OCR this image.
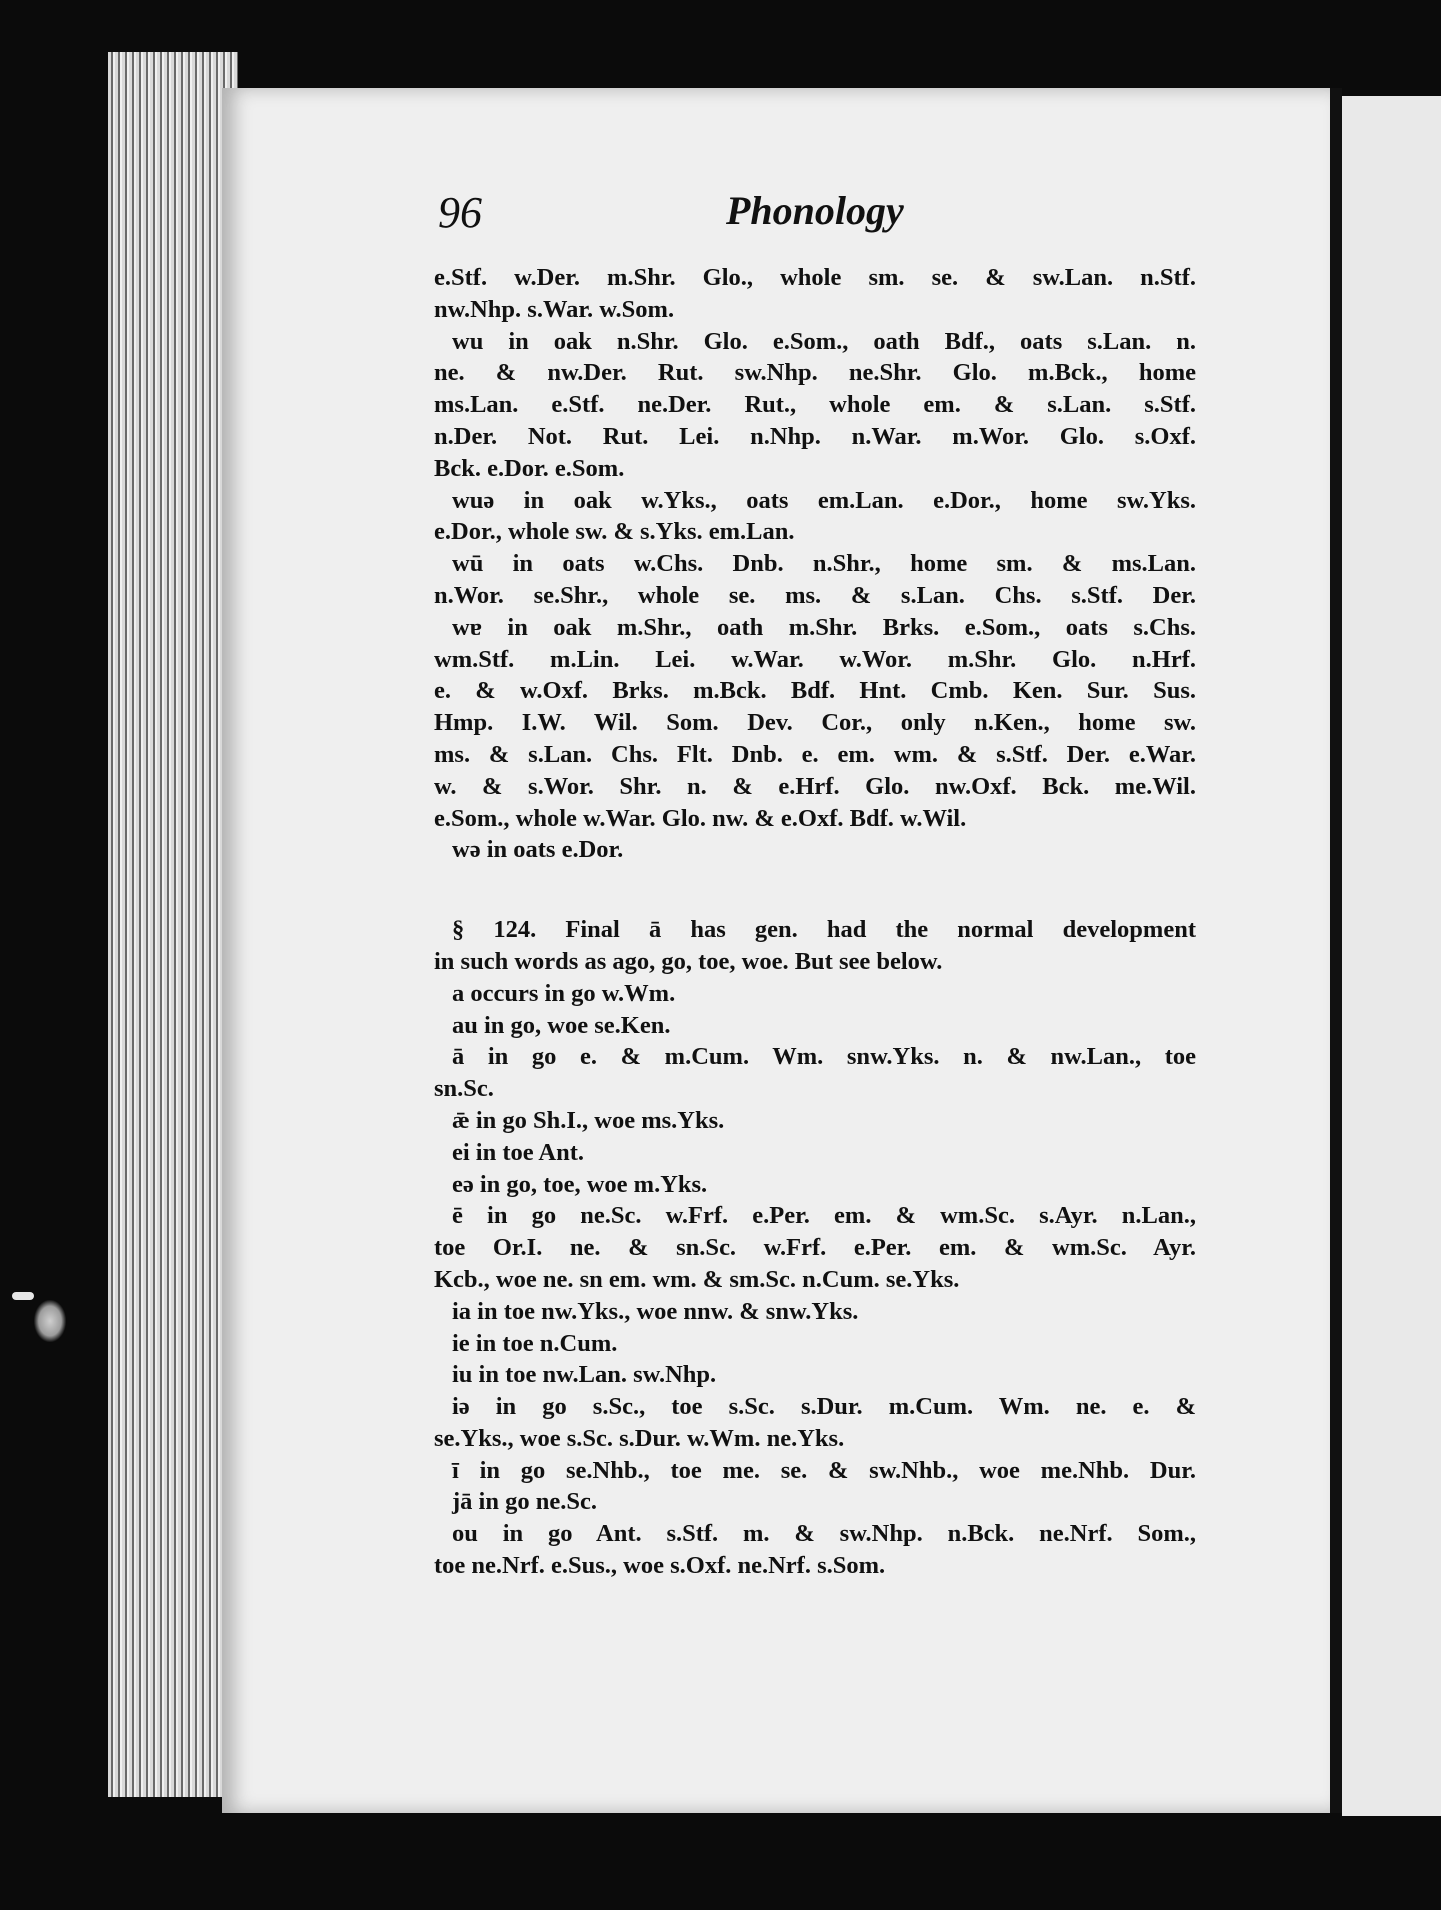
96	Phonology
e.Stf. w.Der. m.Shr. Glo., whole sm. se. & sw.Lan. n.Stf.
nw.Nhp. s.War. w.Som.
wu in oak n.Shr. Glo. e.Som., oath Bdf., oats s.Lan. n.
ne. & nw.Der. Rut. sw.Nhp. ne.Shr. Glo. m.Bck., home
ms.Lan. e.Stf. ne.Der. Rut., whole em. & s.Lan. s.Stf.
n.Der. Not. Rut. Lei. n.Nhp. n.War. m.Wor. Glo. s.Oxf.
Bck. e.Dor. e.Som.
wuə in oak w.Yks., oats em.Lan. e.Dor., home sw.Yks.
e.Dor., whole sw. & s.Yks. em.Lan.
wū in oats w.Chs. Dnb. n.Shr., home sm. & ms.Lan.
n.Wor. se.Shr., whole se. ms. & s.Lan. Chs. s.Stf. Der.
wɐ in oak m.Shr., oath m.Shr. Brks. e.Som., oats s.Chs.
wm.Stf. m.Lin. Lei. w.War. w.Wor. m.Shr. Glo. n.Hrf.
e. & w.Oxf. Brks. m.Bck. Bdf. Hnt. Cmb. Ken. Sur. Sus.
Hmp. I.W. Wil. Som. Dev. Cor., only n.Ken., home sw.
ms. & s.Lan. Chs. Flt. Dnb. e. em. wm. & s.Stf. Der. e.War.
w. & s.Wor. Shr. n. & e.Hrf. Glo. nw.Oxf. Bck. me.Wil.
e.Som., whole w.War. Glo. nw. & e.Oxf. Bdf. w.Wil.
wə in oats e.Dor.
§ 124. Final ā has gen. had the normal development
in such words as ago, go, toe, woe. But see below.
a occurs in go w.Wm.
au in go, woe se.Ken.
ā in go e. & m.Cum. Wm. snw.Yks. n. & nw.Lan., toe
sn.Sc.
ǣ in go Sh.I., woe ms.Yks.
ei in toe Ant.
eə in go, toe, woe m.Yks.
ē in go ne.Sc. w.Frf. e.Per. em. & wm.Sc. s.Ayr. n.Lan.,
toe Or.I. ne. & sn.Sc. w.Frf. e.Per. em. & wm.Sc. Ayr.
Kcb., woe ne. sn em. wm. & sm.Sc. n.Cum. se.Yks.
ia in toe nw.Yks., woe nnw. & snw.Yks.
ie in toe n.Cum.
iu in toe nw.Lan. sw.Nhp.
iə in go s.Sc., toe s.Sc. s.Dur. m.Cum. Wm. ne. e. &
se.Yks., woe s.Sc. s.Dur. w.Wm. ne.Yks.
ī in go se.Nhb., toe me. se. & sw.Nhb., woe me.Nhb. Dur.
jā in go ne.Sc.
ou in go Ant. s.Stf. m. & sw.Nhp. n.Bck. ne.Nrf. Som.,
toe ne.Nrf. e.Sus., woe s.Oxf. ne.Nrf. s.Som.
